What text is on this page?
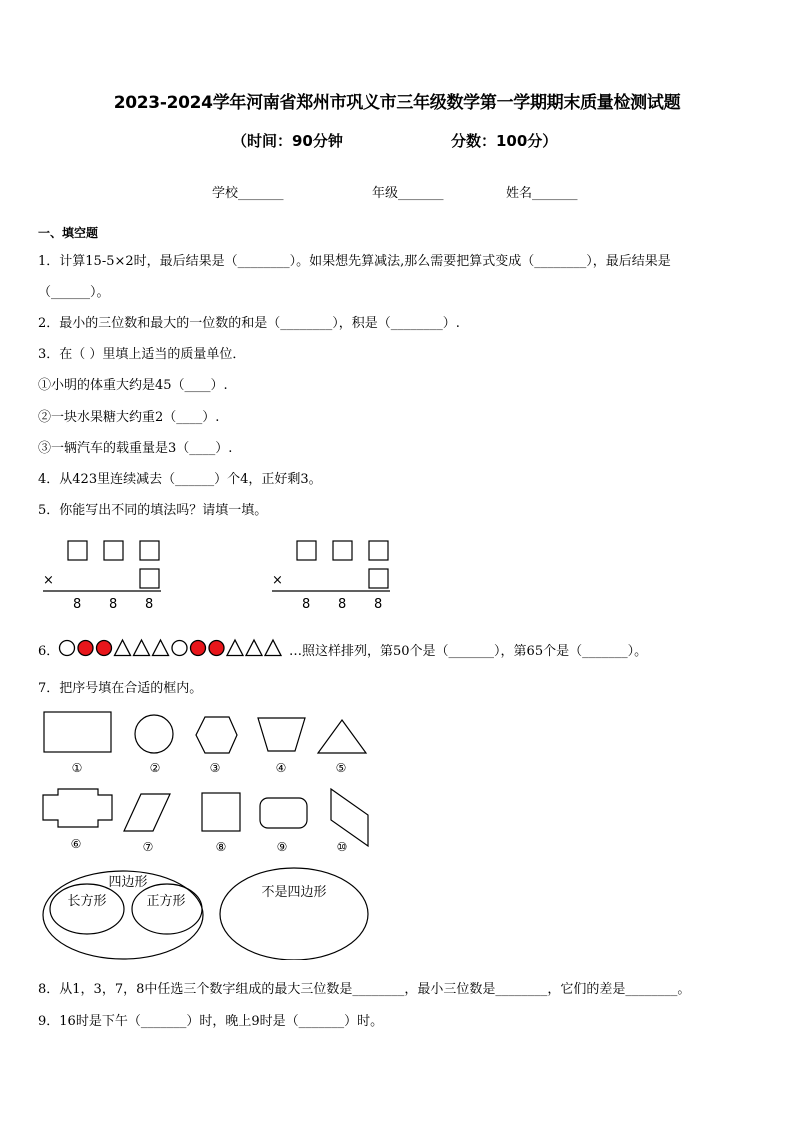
2023-2024学年河南省郑州市巩义市三年级数学第一学期期末质量检测试题
（时间：90分钟	分数：100分）
学校_______	年级_______	姓名_______
一、填空题
1．计算15-5×2时，最后结果是（________）。如果想先算减法,那么需要把算式变成（________），最后结果是
（______）。
2．最小的三位数和最大的一位数的和是（________），积是（________）.
3．在（ ）里填上适当的质量单位．
①小明的体重大约是45（____）.
②一块水果糖大约重2（____）.
③一辆汽车的载重量是3（____）.
4．从423里连续减去（______）个4，正好剩3。
5．你能写出不同的填法吗？请填一填。
×
8 8 8
×
8 8 8
6．	…照这样排列，第50个是（_______），第65个是（_______）。
7．把序号填在合适的框内。
①	②	③	④	⑤
⑥	⑦	⑧	⑨	⑩
四边形
长方形	正方形
不是四边形
8．从1，3，7，8中任选三个数字组成的最大三位数是________，最小三位数是________，它们的差是________。
9．16时是下午（_______）时，晚上9时是（_______）时。
